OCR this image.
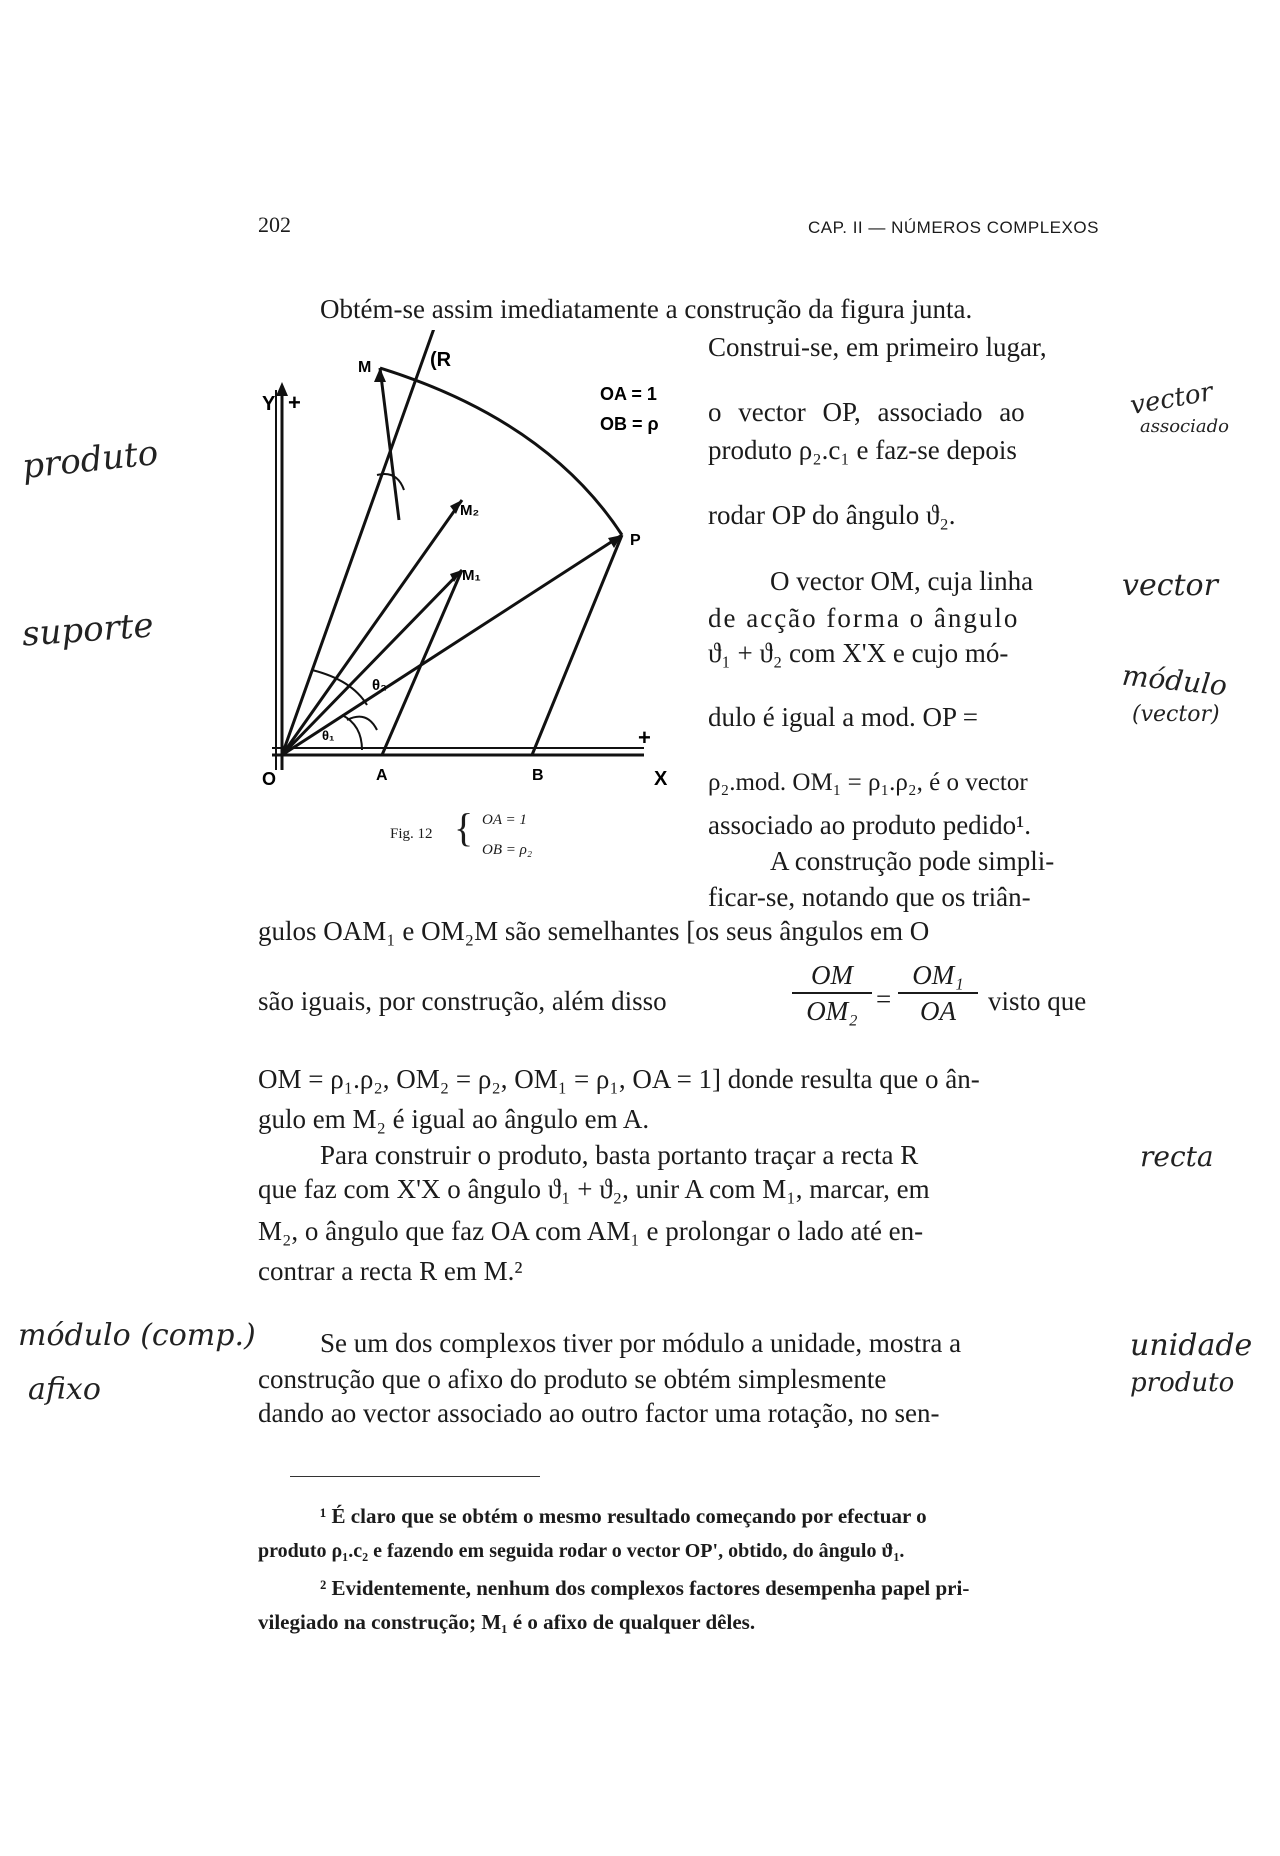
202	CAP. II — NÚMEROS COMPLEXOS
Y +
(R
M
M₂
M₁
P
O	A	B	X
+
θ₂
θ₁
OA = 1
OB = ρ
Fig. 12 { OA = 1
OB = ρ₂
Obtém-se assim imediatamente a construção da figura junta.
Construi-se, em primeiro lugar,
o vector OP, associado ao
produto ρ₂.c₁ e faz-se depois
rodar OP do ângulo ϑ₂.
O vector OM, cuja linha
de acção forma o ângulo
ϑ₁ + ϑ₂ com X'X e cujo mó-
dulo é igual a mod. OP =
ρ₂.mod. OM₁ = ρ₁.ρ₂, é o vector
associado ao produto pedido¹.
A construção pode simpli-
ficar-se, notando que os triân-
gulos OAM₁ e OM₂M são semelhantes [os seus ângulos em O
são iguais, por construção, além disso	$\frac{OM}{\text{OM₂}} = \frac{\text{OM₁}}{OA}$ visto que
OM = ρ₁.ρ₂, OM₂ = ρ₂, OM₁ = ρ₁, OA = 1] donde resulta que o ân-
gulo em M₂ é igual ao ângulo em A.
Para construir o produto, basta portanto traçar a recta R
que faz com X'X o ângulo ϑ₁ + ϑ₂, unir A com M₁, marcar, em
M₂, o ângulo que faz OA com AM₁ e prolongar o lado até en-
contrar a recta R em M.²
Se um dos complexos tiver por módulo a unidade, mostra a
construção que o afixo do produto se obtém simplesmente
dando ao vector associado ao outro factor uma rotação, no sen-
¹ É claro que se obtém o mesmo resultado começando por efectuar o
produto ρ₁.c₂ e fazendo em seguida rodar o vector OP', obtido, do ângulo ϑ₁.
² Evidentemente, nenhum dos complexos factores desempenha papel pri-
vilegiado na construção; M₁ é o afixo de qualquer dêles.
produto
suporte
módulo (comp.)
afixo
vector
associado
vector
módulo
(vector)
recta
unidade
produto
